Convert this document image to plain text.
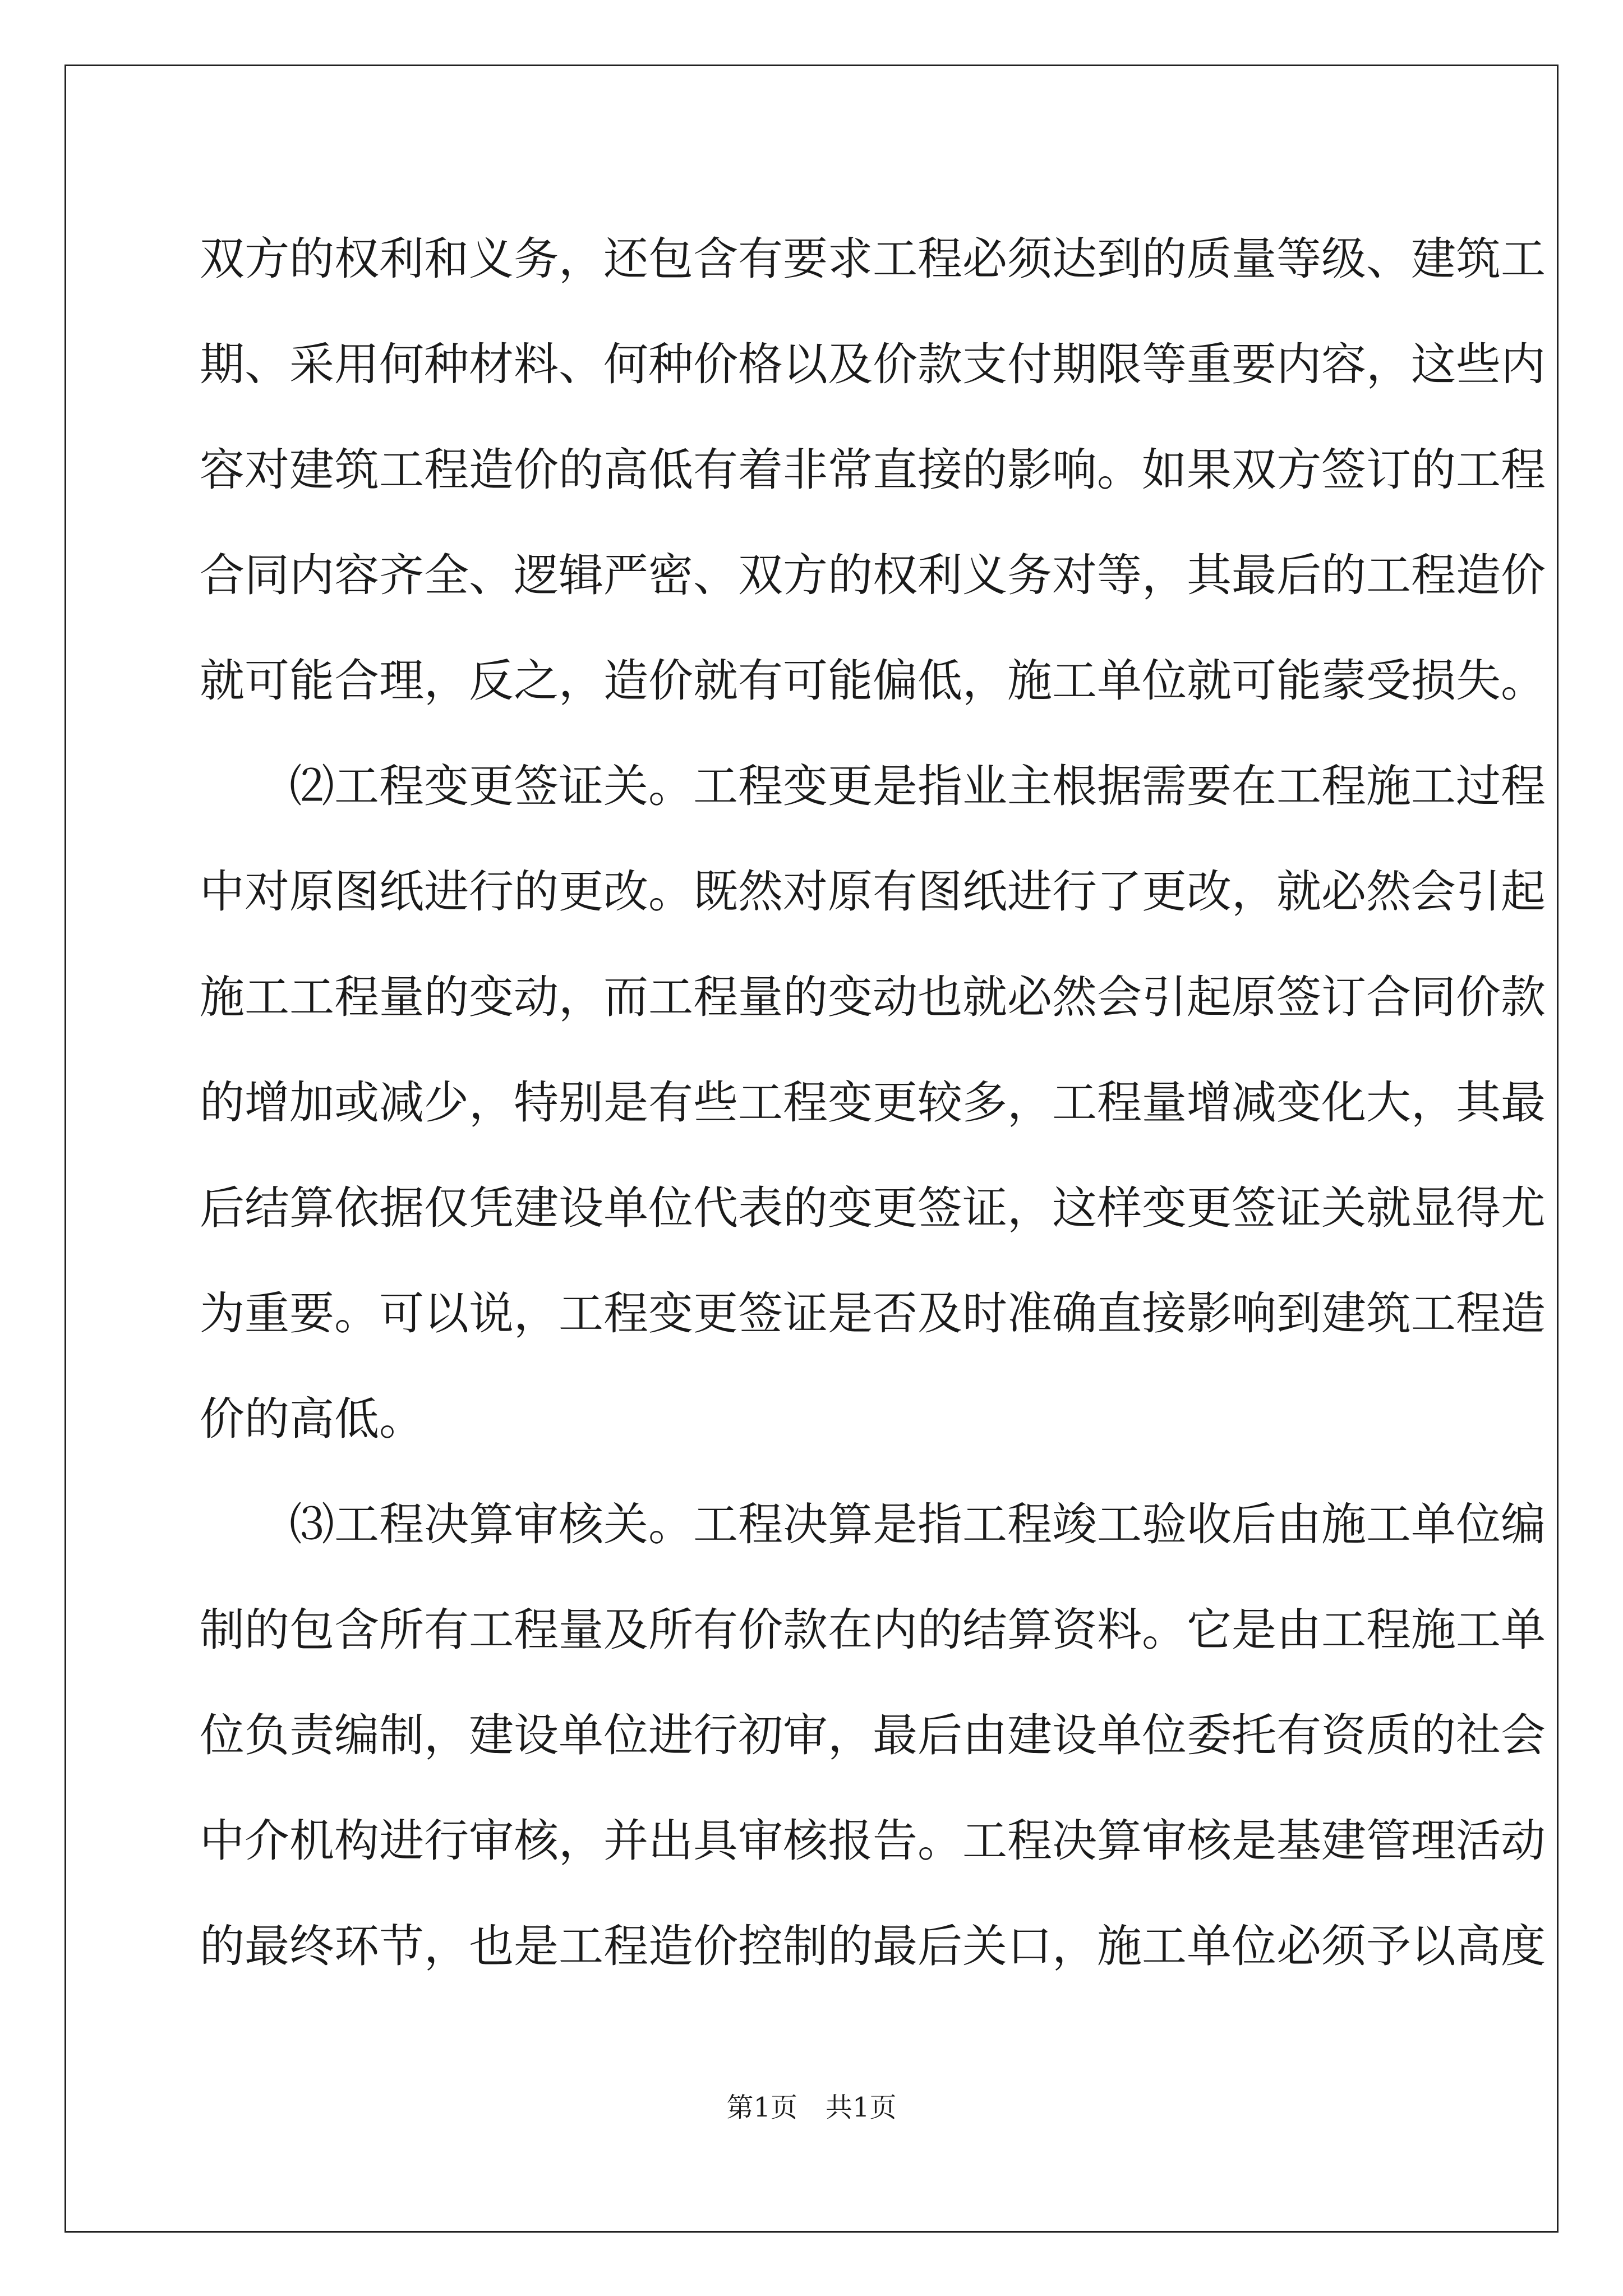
双方的权利和义务，还包含有要求工程必须达到的质量等级、建筑工
期、采用何种材料、何种价格以及价款支付期限等重要内容，这些内
容对建筑工程造价的高低有着非常直接的影响。如果双方签订的工程
合同内容齐全、逻辑严密、双方的权利义务对等，其最后的工程造价
就可能合理，反之，造价就有可能偏低，施工单位就可能蒙受损失。
　　⑵工程变更签证关。工程变更是指业主根据需要在工程施工过程
中对原图纸进行的更改。既然对原有图纸进行了更改，就必然会引起
施工工程量的变动，而工程量的变动也就必然会引起原签订合同价款
的增加或减少，特别是有些工程变更较多，工程量增减变化大，其最
后结算依据仅凭建设单位代表的变更签证，这样变更签证关就显得尤
为重要。可以说，工程变更签证是否及时准确直接影响到建筑工程造
价的高低。
　　⑶工程决算审核关。工程决算是指工程竣工验收后由施工单位编
制的包含所有工程量及所有价款在内的结算资料。它是由工程施工单
位负责编制，建设单位进行初审，最后由建设单位委托有资质的社会
中介机构进行审核，并出具审核报告。工程决算审核是基建管理活动
的最终环节，也是工程造价控制的最后关口，施工单位必须予以高度
第1页 共1页
